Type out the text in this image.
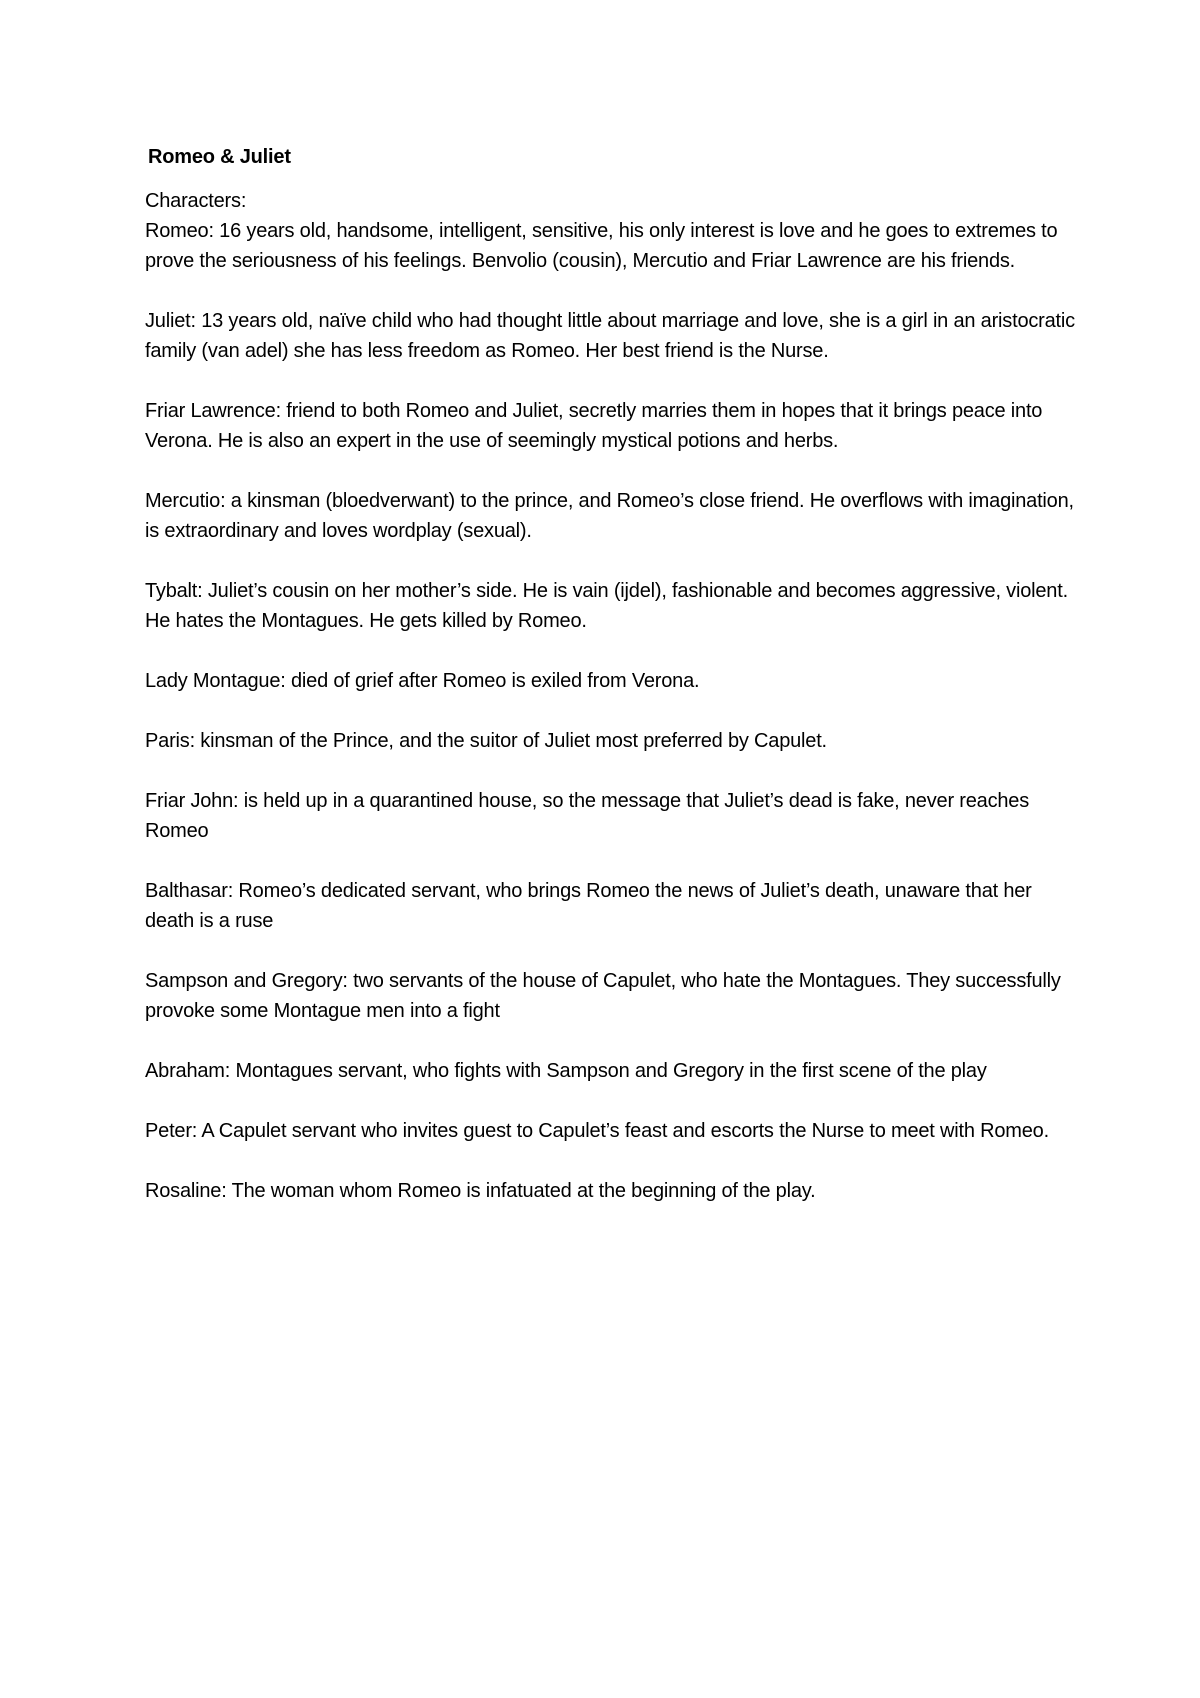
Romeo & Juliet
Characters:

Romeo: 16 years old, handsome, intelligent, sensitive, his only interest is love and he goes to extremes to prove the seriousness of his feelings. Benvolio (cousin), Mercutio and Friar Lawrence are his friends.

Juliet: 13 years old, naïve child who had thought little about marriage and love, she is a girl in an aristocratic family (van adel) she has less freedom as Romeo. Her best friend is the Nurse.

Friar Lawrence: friend to both Romeo and Juliet, secretly marries them in hopes that it brings peace into Verona. He is also an expert in the use of seemingly mystical potions and herbs.

Mercutio: a kinsman (bloedverwant) to the prince, and Romeo’s close friend. He overflows with imagination, is extraordinary and loves wordplay (sexual).

Tybalt: Juliet’s cousin on her mother’s side. He is vain (ijdel), fashionable and becomes aggressive, violent. He hates the Montagues. He gets killed by Romeo.

Lady Montague: died of grief after Romeo is exiled from Verona.

Paris: kinsman of the Prince, and the suitor of Juliet most preferred by Capulet.

Friar John: is held up in a quarantined house, so the message that Juliet’s dead is fake, never reaches Romeo

Balthasar: Romeo’s dedicated servant, who brings Romeo the news of Juliet’s death, unaware that her death is a ruse

Sampson and Gregory: two servants of the house of Capulet, who hate the Montagues. They successfully provoke some Montague men into a fight

Abraham: Montagues servant, who fights with Sampson and Gregory in the first scene of the play

Peter: A Capulet servant who invites guest to Capulet’s feast and escorts the Nurse to meet with Romeo.

Rosaline: The woman whom Romeo is infatuated at the beginning of the play.
